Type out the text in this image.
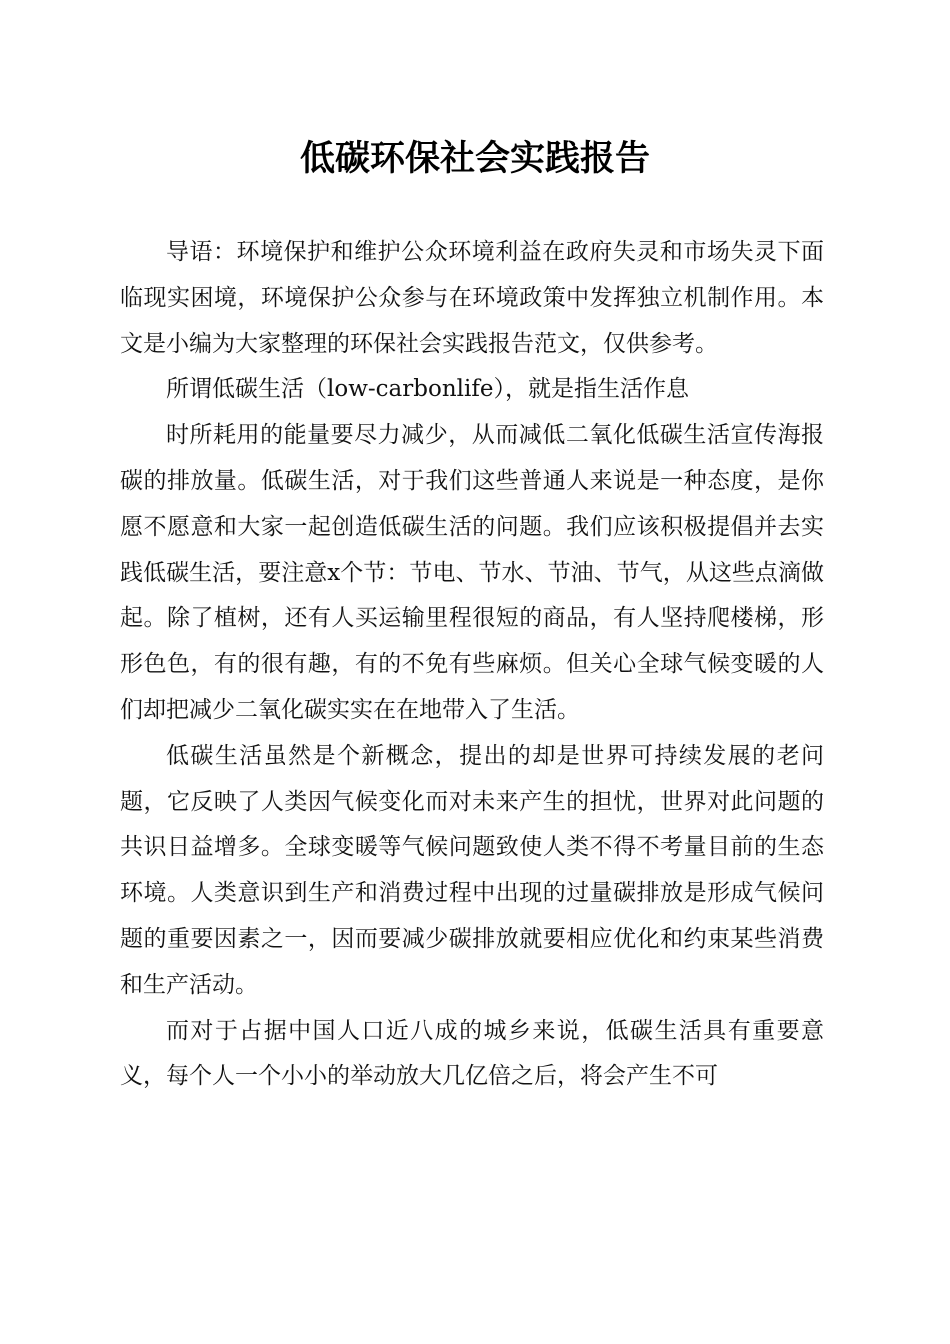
低碳环保社会实践报告

导语：环境保护和维护公众环境利益在政府失灵和市场失灵下面临现实困境，环境保护公众参与在环境政策中发挥独立机制作用。本文是小编为大家整理的环保社会实践报告范文，仅供参考。

所谓低碳生活（low-carbonlife），就是指生活作息

时所耗用的能量要尽力减少，从而减低二氧化低碳生活宣传海报碳的排放量。低碳生活，对于我们这些普通人来说是一种态度，是你愿不愿意和大家一起创造低碳生活的问题。我们应该积极提倡并去实践低碳生活，要注意x个节：节电、节水、节油、节气，从这些点滴做起。除了植树，还有人买运输里程很短的商品，有人坚持爬楼梯，形形色色，有的很有趣，有的不免有些麻烦。但关心全球气候变暖的人们却把减少二氧化碳实实在在地带入了生活。

低碳生活虽然是个新概念，提出的却是世界可持续发展的老问题，它反映了人类因气候变化而对未来产生的担忧，世界对此问题的共识日益增多。全球变暖等气候问题致使人类不得不考量目前的生态环境。人类意识到生产和消费过程中出现的过量碳排放是形成气候问题的重要因素之一，因而要减少碳排放就要相应优化和约束某些消费和生产活动。

而对于占据中国人口近八成的城乡来说，低碳生活具有重要意义，每个人一个小小的举动放大几亿倍之后，将会产生不可
